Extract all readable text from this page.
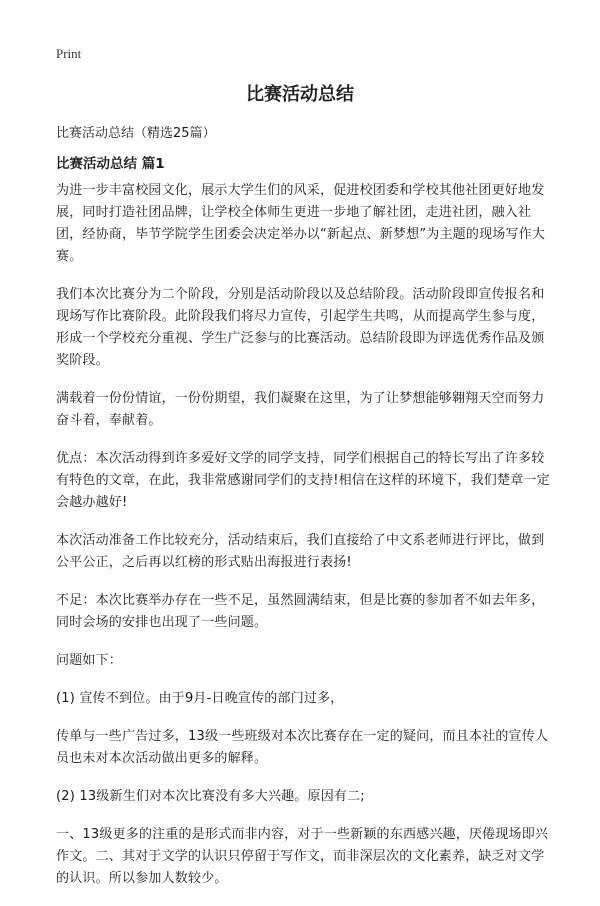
Print
比赛活动总结

比赛活动总结（精选25篇）

比赛活动总结 篇1

为进一步丰富校园文化，展示大学生们的风采，促进校团委和学校其他社团更好地发展，同时打造社团品牌，让学校全体师生更进一步地了解社团，走进社团，融入社团，经协商，毕节学院学生团委会决定举办以“新起点、新梦想”为主题的现场写作大赛。

我们本次比赛分为二个阶段，分别是活动阶段以及总结阶段。活动阶段即宣传报名和现场写作比赛阶段。此阶段我们将尽力宣传，引起学生共鸣，从而提高学生参与度，形成一个学校充分重视、学生广泛参与的比赛活动。总结阶段即为评选优秀作品及颁奖阶段。

满载着一份份情谊，一份份期望，我们凝聚在这里，为了让梦想能够翱翔天空而努力奋斗着，奉献着。

优点：本次活动得到许多爱好文学的同学支持，同学们根据自己的特长写出了许多较有特色的文章，在此，我非常感谢同学们的支持!相信在这样的环境下，我们楚章一定会越办越好!

本次活动准备工作比较充分，活动结束后，我们直接给了中文系老师进行评比，做到公平公正，之后再以红榜的形式贴出海报进行表扬!

不足：本次比赛举办存在一些不足，虽然圆满结束，但是比赛的参加者不如去年多，同时会场的安排也出现了一些问题。

问题如下：

(1) 宣传不到位。由于9月-日晚宣传的部门过多，

传单与一些广告过多，13级一些班级对本次比赛存在一定的疑问，而且本社的宣传人员也未对本次活动做出更多的解释。

(2) 13级新生们对本次比赛没有多大兴趣。原因有二;

一、13级更多的注重的是形式而非内容，对于一些新颖的东西感兴趣，厌倦现场即兴作文。二、其对于文学的认识只停留于写作文，而非深层次的文化素养，缺乏对文学的认识。所以参加人数较少。
